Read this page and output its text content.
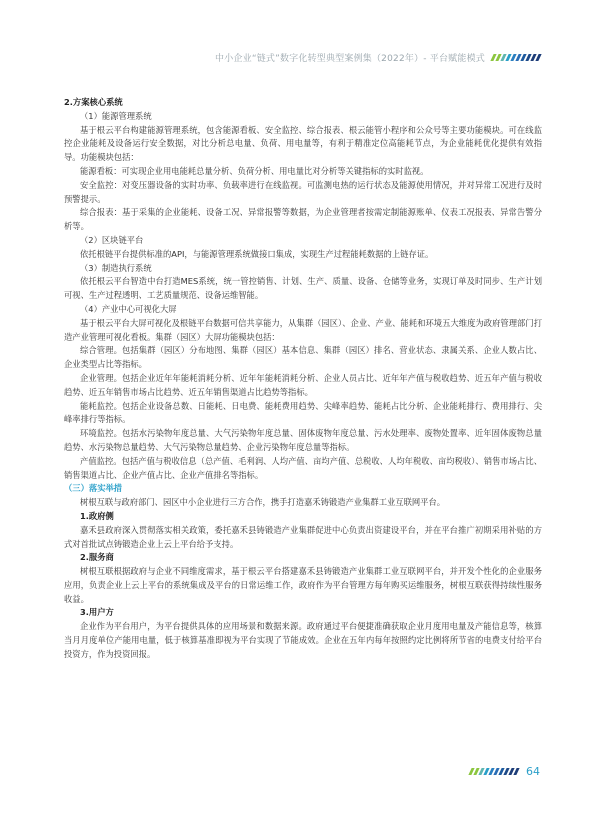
中小企业“链式”数字化转型典型案例集（2022年）- 平台赋能模式

2.方案核心系统

（1）能源管理系统

基于根云平台构建能源管理系统，包含能源看板、安全监控、综合报表、根云能管小程序和公众号等主要功能模块。可在线监控企业能耗及设备运行安全数据，对比分析总电量、负荷、用电量等，有利于精准定位高能耗节点，为企业能耗优化提供有效指导。功能模块包括：

能源看板：可实现企业用电能耗总量分析、负荷分析、用电量比对分析等关键指标的实时监视。

安全监控：对变压器设备的实时功率、负载率进行在线监视。可监测电热的运行状态及能源使用情况，并对异常工况进行及时预警提示。

综合报表：基于采集的企业能耗、设备工况、异常报警等数据，为企业管理者按需定制能源账单、仪表工况报表、异常告警分析等。

（2）区块链平台

依托根链平台提供标准的API，与能源管理系统做接口集成，实现生产过程能耗数据的上链存证。

（3）制造执行系统

依托根云平台智造中台打造MES系统，统一管控销售、计划、生产、质量、设备、仓储等业务，实现订单及时同步、生产计划可视、生产过程透明、工艺质量规范、设备运维智能。

（4）产业中心可视化大屏

基于根云平台大屏可视化及根链平台数据可信共享能力，从集群（园区）、企业、产业、能耗和环境五大维度为政府管理部门打造产业管理可视化看板。集群（园区）大屏功能模块包括：

综合管理。包括集群（园区）分布地图、集群（园区）基本信息、集群（园区）排名、营业状态、隶属关系、企业人数占比、企业类型占比等指标。

企业管理。包括企业近年年能耗消耗分析、近年年能耗消耗分析、企业人员占比、近年年产值与税收趋势、近五年产值与税收趋势、近五年销售市场占比趋势、近五年销售渠道占比趋势等指标。

能耗监控。包括企业设备总数、日能耗、日电费、能耗费用趋势、尖峰率趋势、能耗占比分析、企业能耗排行、费用排行、尖峰率排行等指标。

环境监控。包括水污染物年度总量、大气污染物年度总量、固体废物年度总量、污水处理率、废物处置率、近年固体废物总量趋势、水污染物总量趋势、大气污染物总量趋势、企业污染物年度总量等指标。

产值监控。包括产值与税收信息（总产值、毛利润、人均产值、亩均产值、总税收、人均年税收、亩均税收）、销售市场占比、销售渠道占比、企业产值占比、企业产值排名等指标。

（三）落实举措

树根互联与政府部门、园区中小企业进行三方合作，携手打造嘉禾铸锻造产业集群工业互联网平台。

1.政府侧

嘉禾县政府深入贯彻落实相关政策，委托嘉禾县铸锻造产业集群促进中心负责出资建设平台，并在平台推广初期采用补贴的方式对首批试点铸锻造企业上云上平台给予支持。

2.服务商

树根互联根据政府与企业不同维度需求，基于根云平台搭建嘉禾县铸锻造产业集群工业互联网平台，并开发个性化的企业服务应用，负责企业上云上平台的系统集成及平台的日常运维工作，政府作为平台管理方每年购买运维服务，树根互联获得持续性服务收益。

3.用户方

企业作为平台用户，为平台提供具体的应用场景和数据来源。政府通过平台便捷准确获取企业月度用电量及产能信息等，核算当月月度单位产能用电量，低于核算基准即视为平台实现了节能成效。企业在五年内每年按照约定比例将所节省的电费支付给平台投资方，作为投资回报。

64
